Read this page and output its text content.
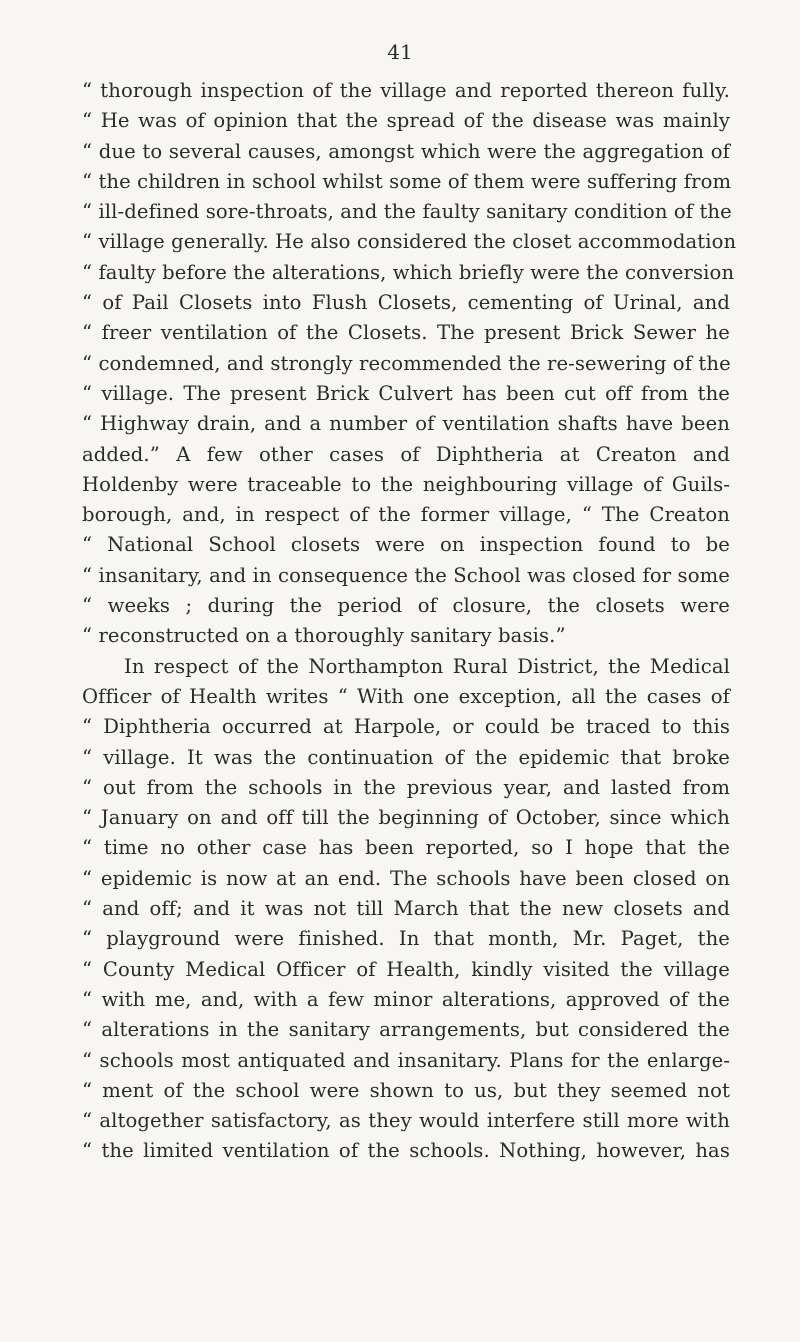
41
“ thorough inspection of the village and reported thereon fully.
“ He was of opinion that the spread of the disease was mainly
“ due to several causes, amongst which were the aggregation of
“ the children in school whilst some of them were suffering from
“ ill-defined sore-throats, and the faulty sanitary condition of the
“ village generally. He also considered the closet accommodation
“ faulty before the alterations, which briefly were the conversion
“ of Pail Closets into Flush Closets, cementing of Urinal, and
“ freer ventilation of the Closets. The present Brick Sewer he
“ condemned, and strongly recommended the re-sewering of the
“ village. The present Brick Culvert has been cut off from the
“ Highway drain, and a number of ventilation shafts have been
added.” A few other cases of Diphtheria at Creaton and
Holdenby were traceable to the neighbouring village of Guils-
borough, and, in respect of the former village, “ The Creaton
“ National School closets were on inspection found to be
“ insanitary, and in consequence the School was closed for some
“ weeks ; during the period of closure, the closets were
“ reconstructed on a thoroughly sanitary basis.”
In respect of the Northampton Rural District, the Medical
Officer of Health writes “ With one exception, all the cases of
“ Diphtheria occurred at Harpole, or could be traced to this
“ village. It was the continuation of the epidemic that broke
“ out from the schools in the previous year, and lasted from
“ January on and off till the beginning of October, since which
“ time no other case has been reported, so I hope that the
“ epidemic is now at an end. The schools have been closed on
“ and off; and it was not till March that the new closets and
“ playground were finished. In that month, Mr. Paget, the
“ County Medical Officer of Health, kindly visited the village
“ with me, and, with a few minor alterations, approved of the
“ alterations in the sanitary arrangements, but considered the
“ schools most antiquated and insanitary. Plans for the enlarge-
“ ment of the school were shown to us, but they seemed not
“ altogether satisfactory, as they would interfere still more with
“ the limited ventilation of the schools. Nothing, however, has
